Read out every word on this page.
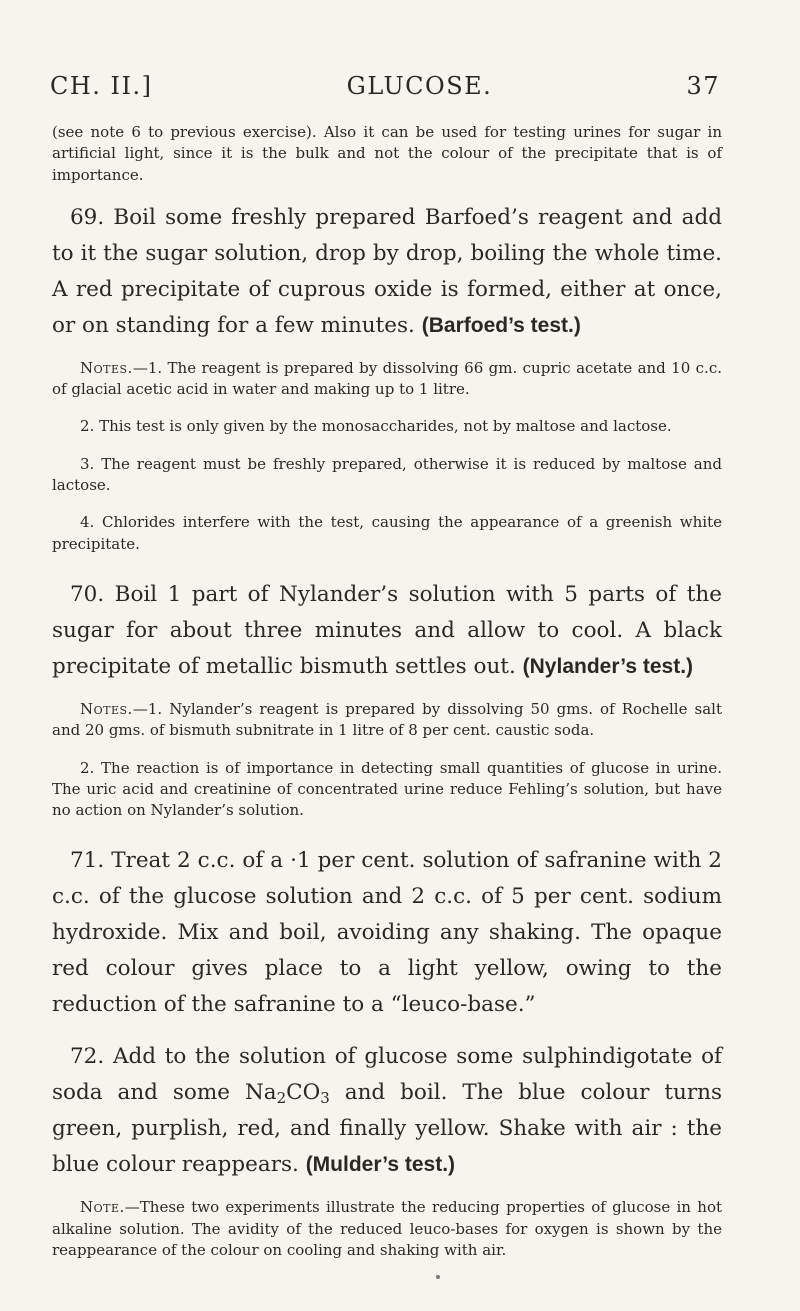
CH. II.]	GLUCOSE.	37

(see note 6 to previous exercise). Also it can be used for testing urines for sugar in artificial light, since it is the bulk and not the colour of the precipitate that is of importance.

69. Boil some freshly prepared Barfoed’s reagent and add to it the sugar solution, drop by drop, boiling the whole time. A red precipitate of cuprous oxide is formed, either at once, or on standing for a few minutes. (Barfoed’s test.)

Notes.—1. The reagent is prepared by dissolving 66 gm. cupric acetate and 10 c.c. of glacial acetic acid in water and making up to 1 litre.

2. This test is only given by the monosaccharides, not by maltose and lactose.

3. The reagent must be freshly prepared, otherwise it is reduced by maltose and lactose.

4. Chlorides interfere with the test, causing the appearance of a greenish white precipitate.

70. Boil 1 part of Nylander’s solution with 5 parts of the sugar for about three minutes and allow to cool. A black precipitate of metallic bismuth settles out. (Nylander’s test.)

Notes.—1. Nylander’s reagent is prepared by dissolving 50 gms. of Rochelle salt and 20 gms. of bismuth subnitrate in 1 litre of 8 per cent. caustic soda.

2. The reaction is of importance in detecting small quantities of glucose in urine. The uric acid and creatinine of concentrated urine reduce Fehling’s solution, but have no action on Nylander’s solution.

71. Treat 2 c.c. of a ·1 per cent. solution of safranine with 2 c.c. of the glucose solution and 2 c.c. of 5 per cent. sodium hydroxide. Mix and boil, avoiding any shaking. The opaque red colour gives place to a light yellow, owing to the reduction of the safranine to a “leuco-base.”

72. Add to the solution of glucose some sulphindigotate of soda and some $Na_2CO_3$ and boil. The blue colour turns green, purplish, red, and finally yellow. Shake with air : the blue colour reappears. (Mulder’s test.)

Note.—These two experiments illustrate the reducing properties of glucose in hot alkaline solution. The avidity of the reduced leuco-bases for oxygen is shown by the reappearance of the colour on cooling and shaking with air.
